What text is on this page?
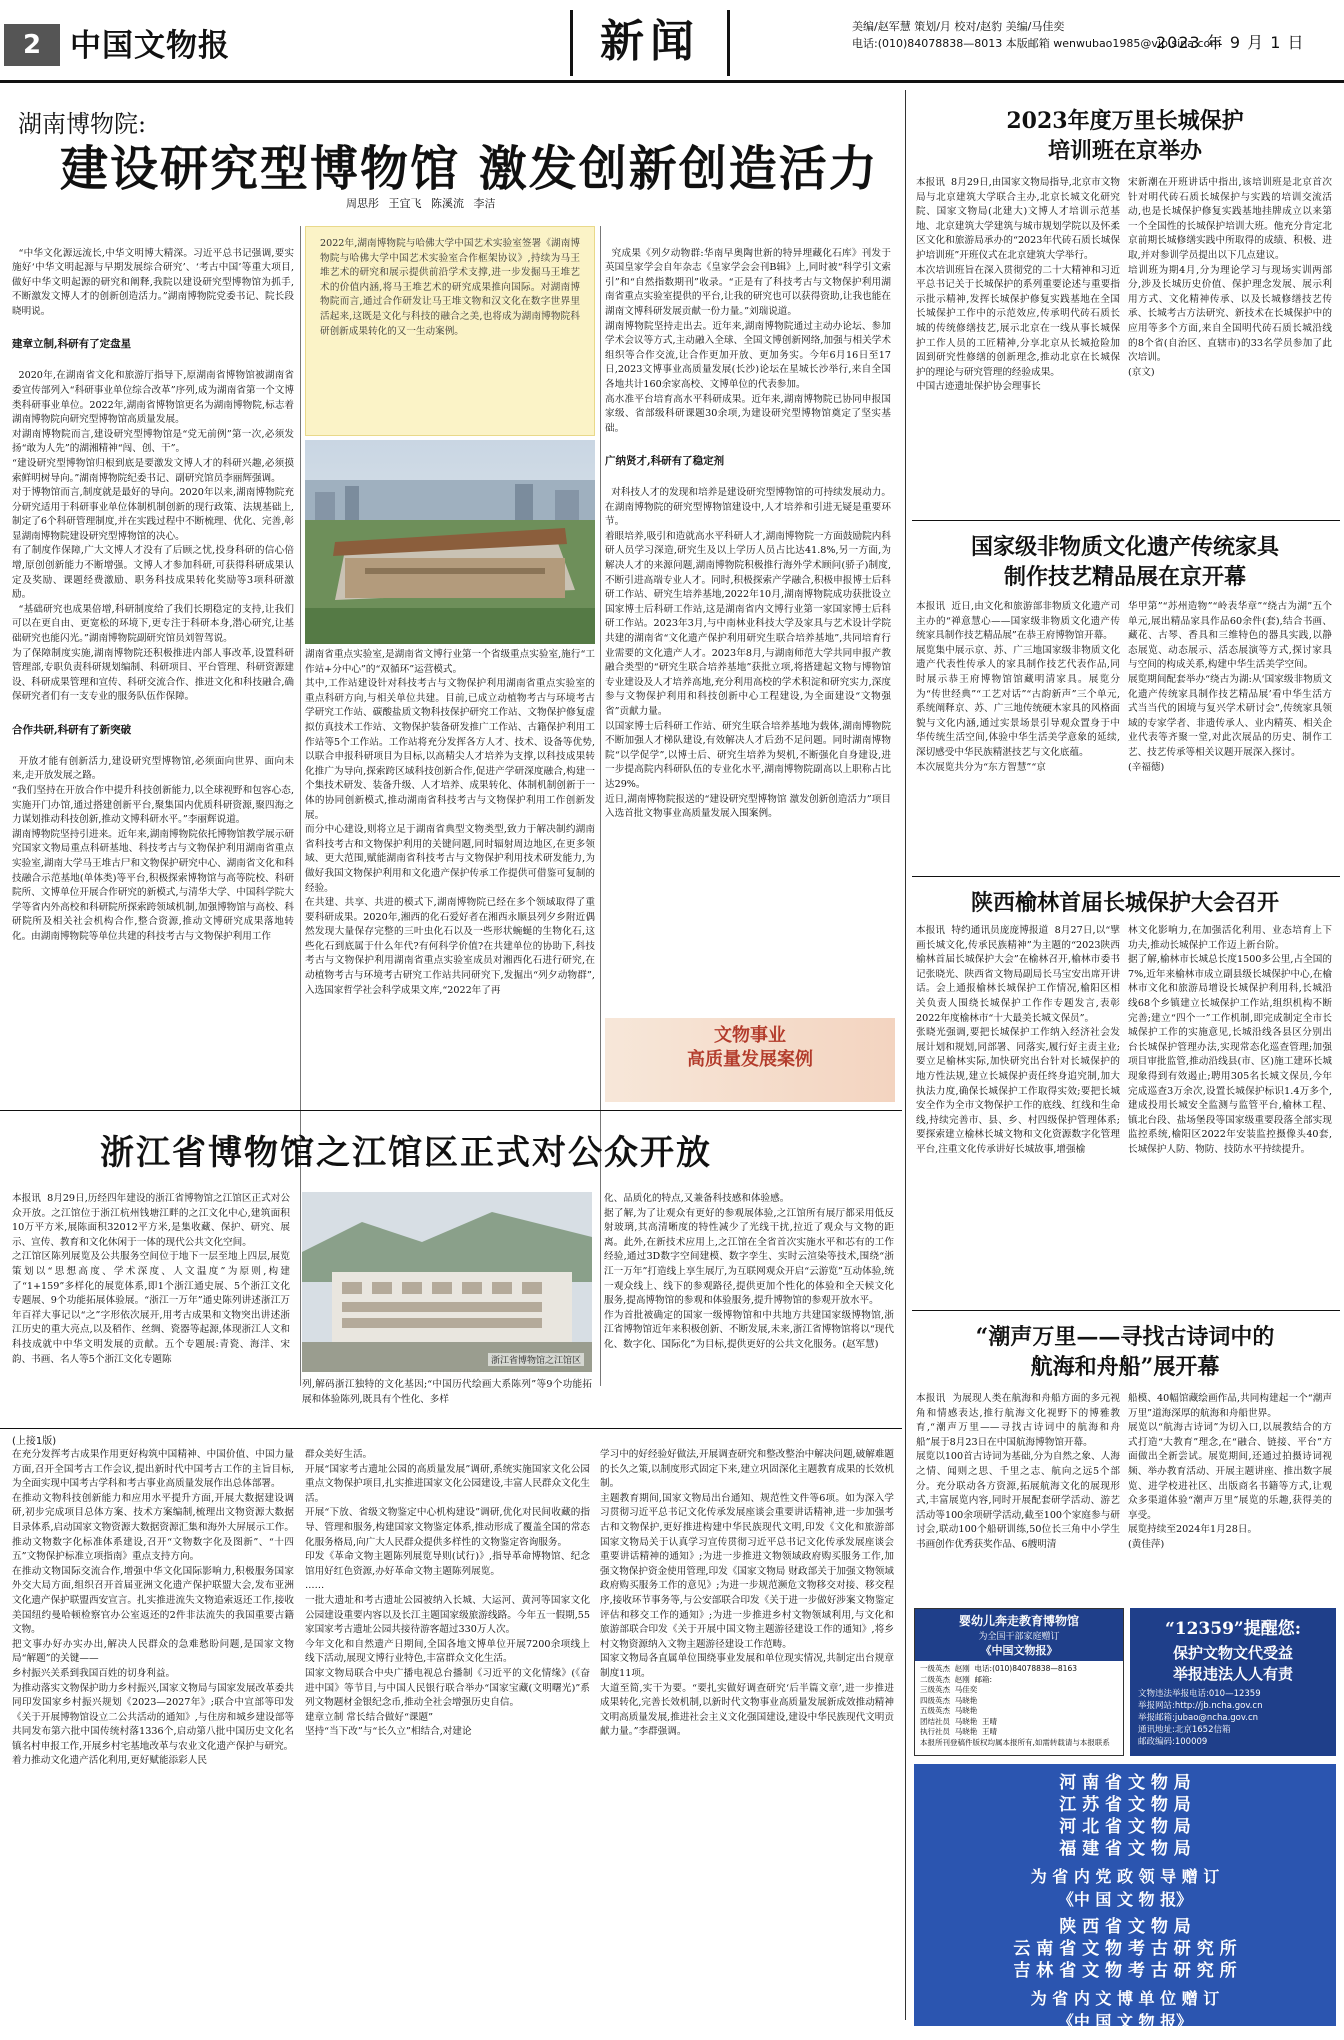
2 中国文物报	新闻	美编/赵军慧 策划/月 校对/赵豹 美编/马佳奕
电话:(010)84078838—8013 本版邮箱 wenwubao1985@vip.sina.com
2023 年 9 月 1 日
湖南博物院:
建设研究型博物馆 激发创新创造活力
周思彤 王宜飞 陈溪流 李洁

“中华文化源远流长,中华文明博大精深。习近平总书记强调,要实施好‘中华文明起源与早期发展综合研究’、‘考古中国’等重大项目,做好中华文明起源的研究和阐释,我院以建设研究型博物馆为抓手,不断激发文博人才的创新创造活力。”湖南博物院党委书记、院长段晓明说。

建章立制,科研有了定盘星

2020年,在湖南省文化和旅游厅指导下,原湖南省博物馆被湖南省委宣传部列入“科研事业单位综合改革”序列,成为湖南省第一个文博类科研事业单位。2022年,湖南省博物馆更名为湖南博物院,标志着湖南博物院向研究型博物馆高质量发展。
对湖南博物院而言,建设研究型博物馆是“党无前例”第一次,必须发扬“敢为人先”的湖湘精神“闯、创、干”。
“建设研究型博物馆归根到底是要激发文博人才的科研兴趣,必须摸索鲜明树导向。”湖南博物院纪委书记、副研究馆员李丽辉强调。
对于博物馆而言,制度就是最好的导向。2020年以来,湖南博物院充分研究适用于科研事业单位体制机制创新的现行政策、法规基础上,制定了6个科研管理制度,并在实践过程中不断梳理、优化、完善,彰显湖南博物院建设研究型博物馆的决心。
有了制度作保障,广大文博人才没有了后顾之忧,投身科研的信心倍增,原创创新能力不断增强。文博人才参加科研,可获得科研成果认定及奖励、课题经费激励、职务科技成果转化奖励等3项科研激励。
“基础研究也成果倍增,科研制度给了我们长期稳定的支持,让我们可以在更自由、更宽松的环境下,更专注于科研本身,潜心研究,让基础研究也能闪光。”湖南博物院副研究馆员刘智驾说。
为了保障制度实施,湖南博物院还积极推进内部人事改革,设置科研管理部,专职负责科研规划编制、科研项目、平台管理、科研资源建设、科研成果管理和宣传、科研交流合作、推进文化和科技融合,确保研究者们有一支专业的服务队伍作保障。

合作共研,科研有了新突破

开放才能有创新活力,建设研究型博物馆,必须面向世界、面向未来,走开放发展之路。
“我们坚持在开放合作中提升科技创新能力,以全球视野和包容心态,实施开门办馆,通过搭建创新平台,聚集国内优质科研资源,聚四海之力谋划推动科技创新,推动文博科研水平。”李丽辉说道。
湖南博物院坚持引进来。近年来,湖南博物院依托博物馆教学展示研究国家文物局重点科研基地、科技考古与文物保护利用湖南省重点实验室,湖南大学马王堆古尸和文物保护研究中心、湖南省文化和科技融合示范基地(单体类)等平台,积极探索博物馆与高等院校、科研院所、文博单位开展合作研究的新模式,与清华大学、中国科学院大学等省内外高校和科研院所探索跨领域机制,加强博物馆与高校、科研院所及相关社会机构合作,整合资源,推动文博研究成果落地转化。由湖南博物院等单位共建的科技考古与文物保护利用工作

2022年,湖南博物院与哈佛大学中国艺术实验室签署《湖南博物院与哈佛大学中国艺术实验室合作框架协议》,持续为马王堆艺术的研究和展示提供前沿学术支撑,进一步发掘马王堆艺术的价值内涵,将马王堆艺术的研究成果推向国际。对湖南博物院而言,通过合作研发让马王堆文物和汉文化在数字世界里活起来,这既是文化与科技的融合之美,也将成为湖南博物院科研创新成果转化的又一生动案例。
湖南省重点实验室,是湖南省文博行业第一个省级重点实验室,施行“工作站+分中心”的“双循环”运营模式。
其中,工作站建设针对科技考古与文物保护利用湖南省重点实验室的重点科研方向,与相关单位共建。目前,已成立动植物考古与环境考古学研究工作站、碳酸盐质文物科技保护研究工作站、文物保护修复虚拟仿真技术工作站、文物保护装备研发推广工作站、古籍保护利用工作站等5个工作站。工作站将充分发挥各方人才、技术、设备等优势,以联合申报科研项目为目标,以高精尖人才培养为支撑,以科技成果转化推广为导向,探索跨区域科技创新合作,促进产学研深度融合,构建一个集技术研发、装备升级、人才培养、成果转化、体制机制创新于一体的协同创新模式,推动湖南省科技考古与文物保护利用工作创新发展。
而分中心建设,则将立足于湖南省典型文物类型,致力于解决制约湖南省科技考古和文物保护利用的关键问题,同时辐射周边地区,在更多领域、更大范围,赋能湖南省科技考古与文物保护利用技术研发能力,为做好我国文物保护利用和文化遗产保护传承工作提供可借鉴可复制的经验。
在共建、共享、共进的模式下,湖南博物院已经在多个领域取得了重要科研成果。2020年,湘西的化石爱好者在湘西永顺县列夕乡附近偶然发现大量保存完整的三叶虫化石以及一些形状蜿蜒的生物化石,这些化石到底属于什么年代?有何科学价值?在共建单位的协助下,科技考古与文物保护利用湖南省重点实验室成员对湘西化石进行研究,在动植物考古与环境考古研究工作站共同研究下,发掘出“列夕动物群”,入选国家哲学社会科学成果文库,“2022年了再

究成果《列夕动物群:华南早奥陶世新的特异埋藏化石库》刊发于英国皇家学会自年杂志《皇家学会会刊B辑》上,同时被“科学引文索引”和“自然指数期刊”收录。“正是有了科技考古与文物保护利用湖南省重点实验室提供的平台,让我的研究也可以获得资助,让我也能在湖南文博科研发展贡献一份力量。”刘瑞说道。
湖南博物院坚持走出去。近年来,湖南博物院通过主动办论坛、参加学术会议等方式,主动融入全球、全国文博创新网络,加强与相关学术组织等合作交流,让合作更加开放、更加务实。今年6月16日至17日,2023文博事业高质量发展(长沙)论坛在星城长沙举行,来自全国各地共计160余家高校、文博单位的代表参加。
高水准平台培育高水平科研成果。近年来,湖南博物院已协同申报国家级、省部级科研课题30余项,为建设研究型博物馆奠定了坚实基础。

广纳贤才,科研有了稳定剂

对科技人才的发现和培养是建设研究型博物馆的可持续发展动力。在湖南博物院的研究型博物馆建设中,人才培养和引进无疑是重要环节。
着眼培养,吸引和造就高水平科研人才,湖南博物院一方面鼓励院内科研人员学习深造,研究生及以上学历人员占比达41.8%,另一方面,为解决人才的来源问题,湖南博物院积极推行海外学术顾问(骄子)制度,不断引进高端专业人才。同时,积极探索产学融合,积极申报博士后科研工作站、研究生培养基地,2022年10月,湖南博物院成功获批设立国家博士后科研工作站,这是湖南省内文博行业第一家国家博士后科研工作站。2023年3月,与中南林业科技大学及家具与艺术设计学院共建的湖南省“文化遗产保护利用研究生联合培养基地”,共同培育行业需要的文化遗产人才。2023年8月,与湖南师范大学共同申报产教融合类型的“研究生联合培养基地”获批立项,将搭建起文物与博物馆专业建设及人才培养高地,充分利用高校的学术积淀和研究实力,深度参与文物保护利用和科技创新中心工程建设,为全面建设“文物强省”贡献力量。
以国家博士后科研工作站、研究生联合培养基地为载体,湖南博物院不断加强人才梯队建设,有效解决人才后劲不足问题。同时湖南博物院“以学促学”,以博士后、研究生培养为契机,不断强化自身建设,进一步提高院内科研队伍的专业化水平,湖南博物院副高以上职称占比达29%。
近日,湖南博物院报送的“建设研究型博物馆 激发创新创造活力”项目入选首批文物事业高质量发展入围案例。

文物事业
高质量发展案例
浙江省博物馆之江馆区正式对公众开放
本报讯  8月29日,历经四年建设的浙江省博物馆之江馆区正式对公众开放。之江馆位于浙江杭州钱塘江畔的之江文化中心,建筑面积10万平方米,展陈面积32012平方米,是集收藏、保护、研究、展示、宣传、教育和文化休闲于一体的现代公共文化空间。
之江馆区陈列展览及公共服务空间位于地下一层至地上四层,展览策划以“思想高度、学术深度、人文温度”为原则,构建了“1+159”多样化的展览体系,即1个浙江通史展、5个浙江文化专题展、9个功能拓展体验展。“浙江一万年”通史陈列讲述浙江万年百祥大事记以“之”字形依次展开,用考古成果和文物突出讲述浙江历史的重大亮点,以及稻作、丝绸、瓷器等起源,体现浙江人文和科技成就中中华文明发展的贡献。五个专题展:青瓷、海洋、宋韵、书画、名人等5个浙江文化专题陈	浙江省博物馆之江馆区
列,解码浙江独特的文化基因;“中国历代绘画大系陈列”等9个功能拓展和体验陈列,既具有个性化、多样
化、品质化的特点,又兼备科技感和体验感。
据了解,为了让观众有更好的参观展体验,之江馆所有展厅都采用低反射玻璃,其高清晰度的特性减少了光线干扰,拉近了观众与文物的距离。此外,在新技术应用上,之江馆在全省首次实施水平和芯有的工作经验,通过3D数字空间建模、数字孪生、实时云渲染等技术,围绕“浙江一万年”打造线上享生展厅,为互联网观众开启“云游览”互动体验,统一观众线上、线下的参观路径,提供更加个性化的体验和全天候文化服务,提高博物馆的参观和体验服务,提升博物馆的参观开放水平。
作为首批被确定的国家一级博物馆和中共地方共建国家级博物馆,浙江省博物馆近年来积极创新、不断发展,未来,浙江省博物馆将以“现代化、数字化、国际化”为目标,提供更好的公共文化服务。(赵军慧)
(上接1版)
在充分发挥考古成果作用更好构筑中国精神、中国价值、中国力量方面,召开全国考古工作会议,提出新时代中国考古工作的主旨目标,为全面实现中国考古学科和考古事业高质量发展作出总体部署。
在推动文物科技创新能力和应用水平提升方面,开展大数据建设调研,初步完成项目总体方案、技术方案编制,梳理出文物资源大数据目录体系,启动国家文物资源大数据资源汇集和海外大屏展示工作。推动文物数字化标准体系建设,召开“文物数字化及图新”、“十四五”文物保护标准立项指南》重点支持方向。
在推动文物国际交流合作,增强中华文化国际影响力,积极服务国家外交大局方面,组织召开首届亚洲文化遗产保护联盟大会,发布亚洲文化遗产保护联盟西安宣言。扎实推进流失文物追索返还工作,接收美国纽约曼哈顿检察官办公室返还的2件非法流失的我国重要古籍文物。
把文事办好办实办出,解决人民群众的急难愁盼问题,是国家文物局“解题”的关键——
乡村振兴关系到我国百姓的切身利益。
为推动落实文物保护助力乡村振兴,国家文物局与国家发展改革委共同印发国家乡村振兴规划《2023—2027年》;联合中宣部等印发《关于开展博物馆设立二公共活动的通知》,与住房和城乡建设部等共同发布第六批中国传统村落1336个,启动第八批中国历史文化名镇名村申报工作,开展乡村宅基地改革与农业文化遗产保护与研究。
着力推动文化遗产活化利用,更好赋能添彩人民
群众美好生活。
开展“国家考古遗址公园的高质量发展”调研,系统实施国家文化公园重点文物保护项目,扎实推进国家文化公园建设,丰富人民群众文化生活。
开展“下放、省级文物鉴定中心机构建设”调研,优化对民间收藏的指导、管理和服务,构建国家文物鉴定体系,推动形成了覆盖全国的常态化服务格局,向广大人民群众提供多样性的文物鉴定咨询服务。
印发《革命文物主题陈列展览导则(试行)》,指导革命博物馆、纪念馆用好红色资源,办好革命文物主题陈列展览。
……
一批大遗址和考古遗址公园被纳入长城、大运河、黄河等国家文化公园建设重要内容以及长江主题国家级旅游线路。今年五一假期,55家国家考古遗址公园共接待游客超过330万人次。
今年文化和自然遗产日期间,全国各地文博单位开展7200余项线上线下活动,展现文博行业特色,丰富群众文化生活。
国家文物局联合中央广播电视总台播制《习近平的文化情缘》(《奋进中国》等节目,与中国人民银行联合举办“国家宝藏(文明曙光)”系列文物题材金银纪念币,推动全社会增强历史自信。
建章立制 常长结合做好“课题”
坚持“当下改”与“长久立”相结合,对建论
学习中的好经验好做法,开展调查研究和整改整治中解决问题,破解难题的长久之策,以制度形式固定下来,建立巩固深化主题教育成果的长效机制。
主题教育期间,国家文物局出台通知、规范性文件等6项。如为深入学习贯彻习近平总书记文化传承发展座谈会重要讲话精神,进一步加强考古和文物保护,更好推进构建中华民族现代文明,印发《文化和旅游部 国家文物局关于认真学习宣传贯彻习近平总书记文化传承发展座谈会重要讲话精神的通知》;为进一步推进文物领域政府购买服务工作,加强文物保护资金使用管理,印发《国家文物局 财政部关于加强文物领域政府购买服务工作的意见》;为进一步规范濒危文物移交对接、移交程序,接收环节事务等,与公安部联合印发《关于进一步做好涉案文物鉴定评估和移交工作的通知》;为进一步推进乡村文物领域利用,与文化和旅游部联合印发《关于开展中国文物主题游径建设工作的通知》,将乡村文物资源纳入文物主题游径建设工作范畴。
国家文物局各直属单位围绕事业发展和单位现实情况,共制定出台规章制度11项。
大道至简,实干为要。“要扎实做好调查研究‘后半篇文章’,进一步推进成果转化,完善长效机制,以新时代文物事业高质量发展新成效推动精神文明高质量发展,推进社会主义文化强国建设,建设中华民族现代文明贡献力量。”李群强调。
2023年度万里长城保护
培训班在京举办
本报讯  8月29日,由国家文物局指导,北京市文物局与北京建筑大学联合主办,北京长城文化研究院、国家文物局(北建大)文博人才培训示范基地、北京建筑大学建筑与城市规划学院以及怀柔区文化和旅游局承办的“2023年代砖石质长城保护培训班”开班仪式在北京建筑大学举行。
本次培训班旨在深入贯彻党的二十大精神和习近平总书记关于长城保护的系列重要论述与重要指示批示精神,发挥长城保护修复实践基地在全国长城保护工作中的示范效应,传承明代砖石质长城的传统修缮技艺,展示北京在一线从事长城保护工作人员的工匠精神,分享北京从长城抢险加固到研究性修缮的创新理念,推动北京在长城保护的理论与研究管理的经验成果。
中国古迹遗址保护协会理事长
宋新潮在开班讲话中指出,该培训班是北京首次针对明代砖石质长城保护与实践的培训交流活动,也是长城保护修复实践基地挂牌成立以来第一个全国性的长城保护培训大班。他充分肯定北京前期长城修缮实践中所取得的成绩、积极、进取,并对参训学员提出以下几点建议。
培训班为期4月,分为理论学习与现场实训两部分,涉及长城历史价值、保护理念发展、展示利用方式、文化精神传承、以及长城修缮技艺传承、长城考古方法研究、新技术在长城保护中的应用等多个方面,来自全国明代砖石质长城沿线的8个省(自治区、直辖市)的33名学员参加了此次培训。
(京文)
国家级非物质文化遗产传统家具
制作技艺精品展在京开幕
本报讯  近日,由文化和旅游部非物质文化遗产司主办的“禅意慧心——国家级非物质文化遗产传统家具制作技艺精品展”在恭王府博物馆开幕。
展览集中展示京、苏、广三地国家级非物质文化遗产代表性传承人的家具制作技艺代表作品,同时展示恭王府博物馆馆藏明清家具。展览分为“传世经典”“工艺对话”“古韵新声”三个单元,系统阐释京、苏、广三地传统硬木家具的风格面貌与文化内涵,通过实景场景引导观众置身于中华传统生活空间,体验中华生活美学意象的延续,深切感受中华民族精湛技艺与文化底蕴。
本次展览共分为“东方智慧”“京
华甲第”“苏州造物”“岭表华章”“绕古为湖”五个单元,展出精品家具作品60余件(套),结合书画、藏花、古琴、香具和三维特色的器具实践,以静态展览、动态展示、活态展演等方式,探讨家具与空间的构成关系,构建中华生活美学空间。
展览期间配套举办“绕古为湖:从‘国家级非物质文化遗产传统家具制作技艺精品展’看中华生活方式当当代的困境与复兴学术研讨会”,传统家具领域的专家学者、非遗传承人、业内精英、相关企业代表等齐聚一堂,对此次展品的历史、制作工艺、技艺传承等相关议题开展深入探讨。
(辛福德)
陕西榆林首届长城保护大会召开
本报讯  特约通讯员庞庞博报道  8月27日,以“擘画长城文化,传承民族精神”为主题的“2023陕西榆林首届长城保护大会”在榆林召开,榆林市委书记张晓光、陕西省文物局副局长马宝安出席开讲话。会上通报榆林长城保护工作情况,榆阳区相关负责人围绕长城保护工作作专题发言,表彰2022年度榆林市“十大最美长城文保员”。
张晓光强调,要把长城保护工作纳入经济社会发展计划和规划,同部署、同落实,履行好主责主业;要立足榆林实际,加快研究出台针对长城保护的地方性法规,建立长城保护责任终身追究制,加大执法力度,确保长城保护工作取得实效;要把长城安全作为全市文物保护工作的底线、红线和生命线,持续完善市、县、乡、村四级保护管理体系;要探索建立榆林长城文物和文化资源数字化管理平台,注重文化传承讲好长城故事,增强榆
林文化影响力,在加强活化利用、业态培育上下功夫,推动长城保护工作迈上新台阶。
据了解,榆林市长城总长度1500多公里,占全国的7%,近年来榆林市成立副县级长城保护中心,在榆林市文化和旅游局增设长城保护利用科,长城沿线68个乡镇建立长城保护工作站,组织机构不断完善;建立“四个一”工作机制,即完成制定全市长城保护工作的实施意见,长城沿线各县区分别出台长城保护管理办法,实现常态化巡查管理;加强项目审批监管,推动沿线县(市、区)施工建环长城现象得到有效遏止;聘用305名长城文保员,今年完成巡查3万余次,设置长城保护标识1.4万多个,建成投用长城安全监测与监管平台,榆林工程、镇北台段、盐场堡段等国家级重要段落全部实现监控系统,榆阳区2022年安装监控摄像头40套,长城保护人防、物防、技防水平持续提升。
“潮声万里——寻找古诗词中的
航海和舟船”展开幕
本报讯  为展现人类在航海和舟船方面的多元视角和情感表达,推行航海文化视野下的博雅教育,“潮声万里——寻找古诗词中的航海和舟船”展于8月23日在中国航海博物馆开幕。
展览以100首古诗词为基础,分为自然之象、人海之情、闻则之思、千里之志、航向之远5个部分。充分联动各方资源,拓展航海文化的展现形式,丰富展览内容,同时开展配套研学活动、游艺活动等100余项研学活动,截至100个家庭参与研讨会,联动100个船研训练,50位长三角中小学生书画创作优秀获奖作品、6艘明清
船模、40幅馆藏绘画作品,共同构建起一个“潮声万里”道海深厚的航海和舟船世界。
展览以“航海古诗词”为切入口,以展教结合的方式打造“大教育”理念,在“融合、链接、平台”方面做出全新尝试。展览期间,还通过拍摄诗词视频、举办教育活动、开展主题讲座、推出数字展览、进学校进社区、出版商名书籍等方式,让观众多渠道体验“潮声万里”展览的乐趣,获得美的享受。
展览持续至2024年1月28日。
(黄佳萍)
婴幼儿奔走教育博物馆
为全国干部家庭赠订
《中国文物报》
一级英杰  赵刚  电话:(010)84078838—8163
二级英杰  赵刚  邮箱:
三级英杰  马佳奕
四级英杰  马晓艳
五级英杰  马晓艳
团结社员  马晓艳  王晴
执行社员  马晓艳  王晴
本报所刊登稿件版权均属本报所有,如需转载请与本报联系
“12359”提醒您:
保护文物文代受益
举报违法人人有责
文物违法举报电话:010—12359
举报网站:http://jb.ncha.gov.cn
举报邮箱:jubao@ncha.gov.cn
通讯地址:北京1652信箱
邮政编码:100009
河 南 省 文 物 局
江 苏 省 文 物 局
河 北 省 文 物 局
福 建 省 文 物 局
为 省 内 党 政 领 导 赠 订
《中 国 文 物 报》
陕 西 省 文 物 局
云 南 省 文 物 考 古 研 究 所
吉 林 省 文 物 考 古 研 究 所
为 省 内 文 博 单 位 赠 订
《中 国 文 物 报》
